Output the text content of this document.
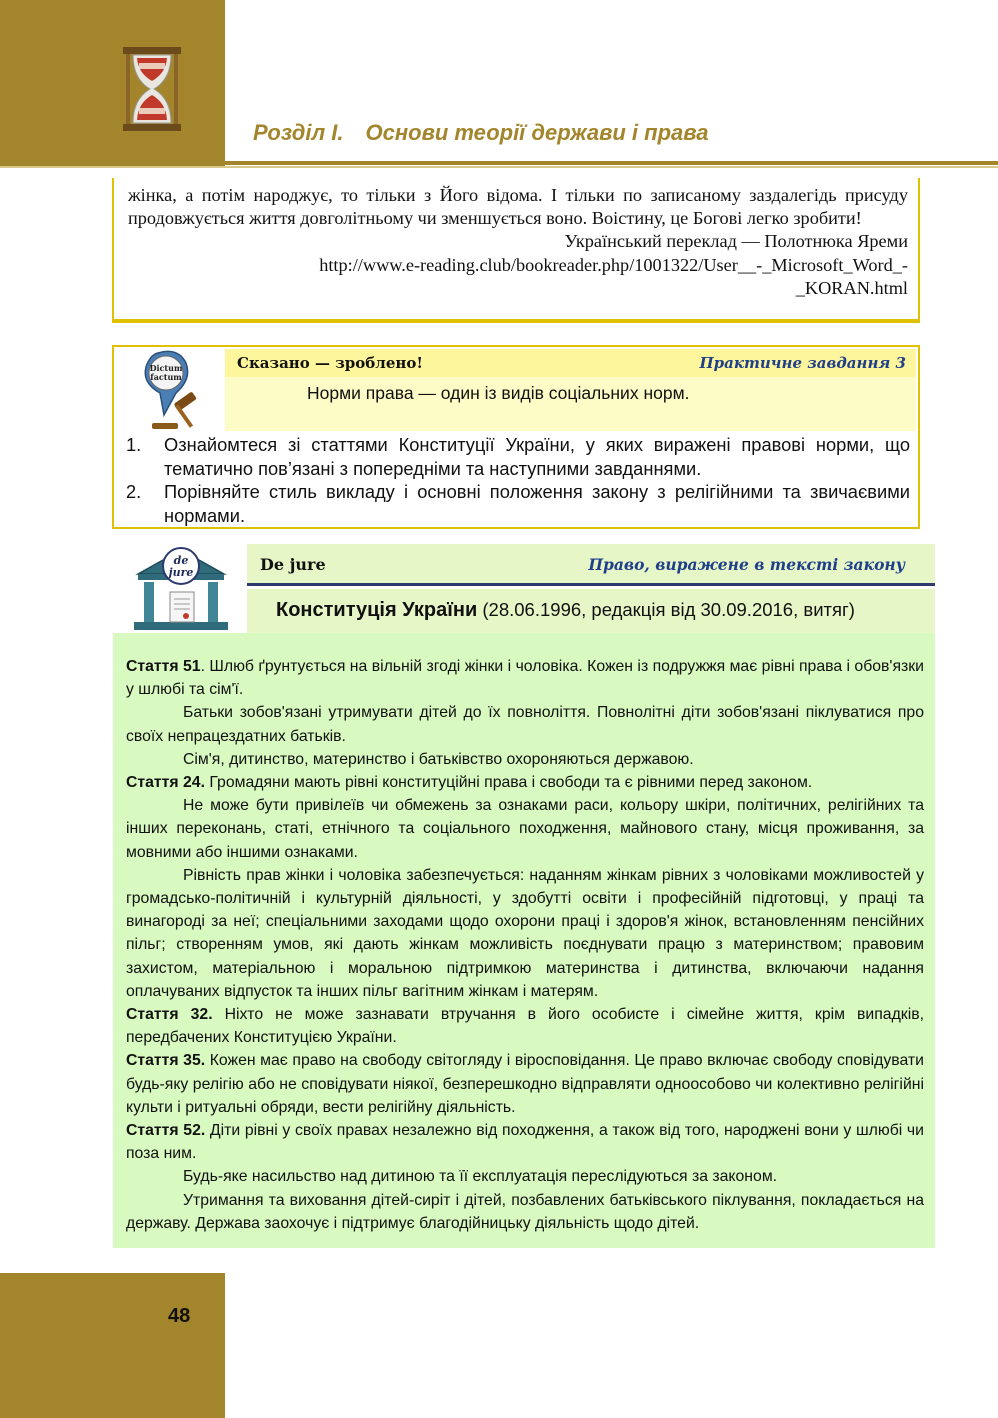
Розділ І. Основи теорії держави і права

жінка, а потім народжує, то тільки з Його відома. І тільки по записаному заздалегідь присуду продовжується життя довголітньому чи зменшується воно. Воістину, це Богові легко зробити!

Український переклад — Полотнюка Яреми

http://www.e-reading.club/bookreader.php/1001322/User__-_Microsoft_Word_-

_KORAN.html

Dictum
factum
Сказано — зроблено!	Практичне завдання 3
Норми права — один із видів соціальних норм.
1. Ознайомтеся зі статтями Конституції України, у яких виражені правові норми, що тематично пов’язані з попередніми та наступними завданнями.
2. Порівняйте стиль викладу і основні положення закону з релігійними та звичаєвими нормами.
de
jure	De jure	Право, виражене в тексті закону
Конституція України (28.06.1996, редакція від 30.09.2016, витяг)

Стаття 51. Шлюб ґрунтується на вільній згоді жінки і чоловіка. Кожен із подружжя має рівні права і обов'язки у шлюбі та сім'ї.

Батьки зобов'язані утримувати дітей до їх повноліття. Повнолітні діти зобов'язані піклуватися про своїх непрацездатних батьків.

Сім'я, дитинство, материнство і батьківство охороняються державою.

Стаття 24. Громадяни мають рівні конституційні права і свободи та є рівними перед законом.

Не може бути привілеїв чи обмежень за ознаками раси, кольору шкіри, політичних, релігійних та інших переконань, статі, етнічного та соціального походження, майнового стану, місця проживання, за мовними або іншими ознаками.

Рівність прав жінки і чоловіка забезпечується: наданням жінкам рівних з чоловіками можливостей у громадсько-політичній і культурній діяльності, у здобутті освіти і професійній підготовці, у праці та винагороді за неї; спеціальними заходами щодо охорони праці і здоров'я жінок, встановленням пенсійних пільг; створенням умов, які дають жінкам можливість поєднувати працю з материнством; правовим захистом, матеріальною і моральною підтримкою материнства і дитинства, включаючи надання оплачуваних відпусток та інших пільг вагітним жінкам і матерям.

Стаття 32. Ніхто не може зазнавати втручання в його особисте і сімейне життя, крім випадків, передбачених Конституцією України.

Стаття 35. Кожен має право на свободу світогляду і віросповідання. Це право включає свободу сповідувати будь-яку релігію або не сповідувати ніякої, безперешкодно відправляти одноособово чи колективно релігійні культи і ритуальні обряди, вести релігійну діяльність.

Стаття 52. Діти рівні у своїх правах незалежно від походження, а також від того, народжені вони у шлюбі чи поза ним.

Будь-яке насильство над дитиною та її експлуатація переслідуються за законом.

Утримання та виховання дітей-сиріт і дітей, позбавлених батьківського піклування, покладається на державу. Держава заохочує і підтримує благодійницьку діяльність щодо дітей.

48
